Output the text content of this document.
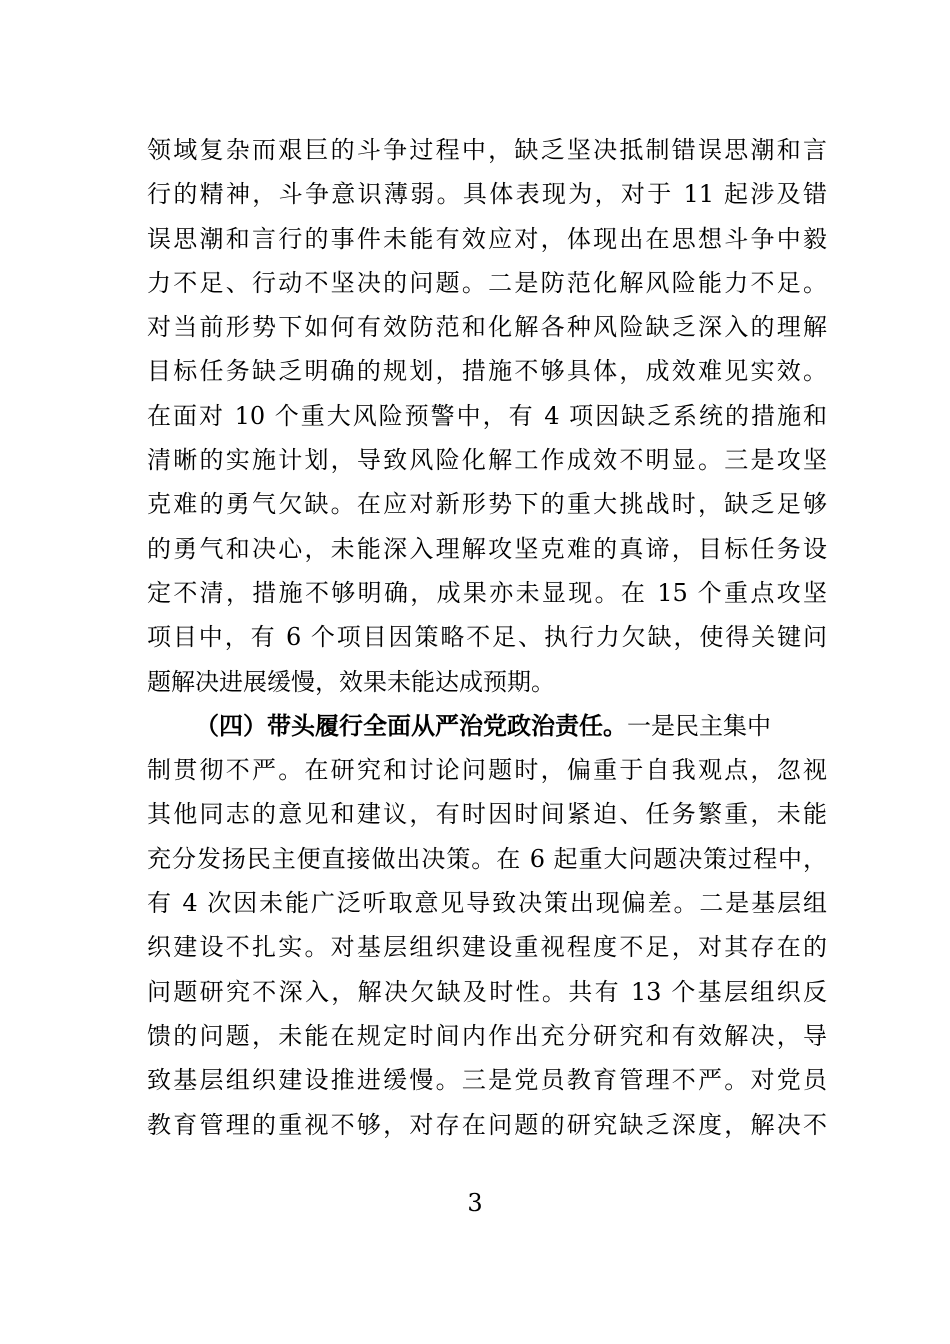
领域复杂而艰巨的斗争过程中，缺乏坚决抵制错误思潮和言
行的精神，斗争意识薄弱。具体表现为，对于 11 起涉及错
误思潮和言行的事件未能有效应对，体现出在思想斗争中毅
力不足、行动不坚决的问题。二是防范化解风险能力不足。
对当前形势下如何有效防范和化解各种风险缺乏深入的理解
目标任务缺乏明确的规划，措施不够具体，成效难见实效。
在面对 10 个重大风险预警中，有 4 项因缺乏系统的措施和
清晰的实施计划，导致风险化解工作成效不明显。三是攻坚
克难的勇气欠缺。在应对新形势下的重大挑战时，缺乏足够
的勇气和决心，未能深入理解攻坚克难的真谛，目标任务设
定不清，措施不够明确，成果亦未显现。在 15 个重点攻坚
项目中，有 6 个项目因策略不足、执行力欠缺，使得关键问
题解决进展缓慢，效果未能达成预期。
（四）带头履行全面从严治党政治责任。一是民主集中
制贯彻不严。在研究和讨论问题时，偏重于自我观点，忽视
其他同志的意见和建议，有时因时间紧迫、任务繁重，未能
充分发扬民主便直接做出决策。在 6 起重大问题决策过程中，
有 4 次因未能广泛听取意见导致决策出现偏差。二是基层组
织建设不扎实。对基层组织建设重视程度不足，对其存在的
问题研究不深入，解决欠缺及时性。共有 13 个基层组织反
馈的问题，未能在规定时间内作出充分研究和有效解决，导
致基层组织建设推进缓慢。三是党员教育管理不严。对党员
教育管理的重视不够，对存在问题的研究缺乏深度，解决不
3
